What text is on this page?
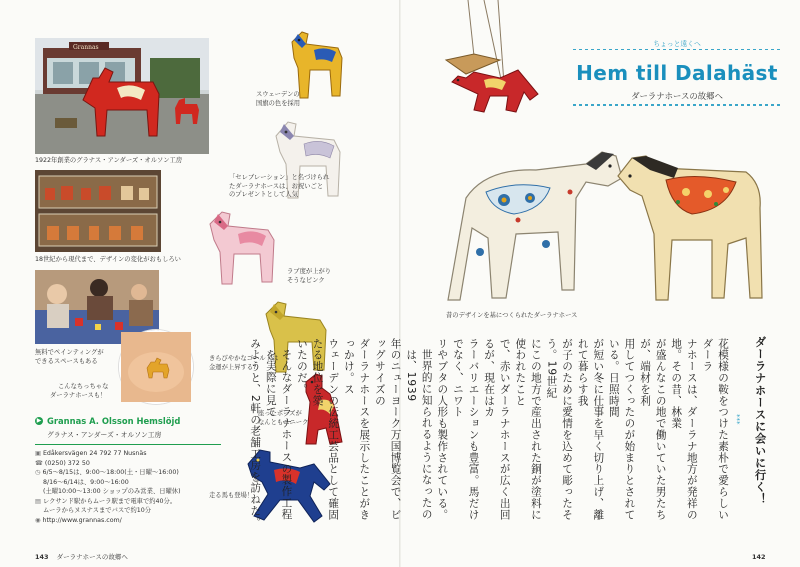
Grannas
1922年創業のグラナス・アンダーズ・オルソン工房
18世紀から現代まで、デザインの変化がおもしろい
無料でペインティングが
できるスペースもある
こんなちっちゃな
ダーラナホースも！
スウェーデンの
国旗の色を採用
「セレブレーション」と名づけられ
たダーラナホースは、お祝いごと
のプレゼントとして人気
ラブ度が上がり
そうなピンク
きらびやかなゴールドは
金運が上昇する?
座ったポーズが
なんともユニーク
走る馬も登場！
▶ Grannas A. Olsson Hemslöjd
グラナス・アンダーズ・オルソン工房
▣ Edåkersvägen 24 792 77 Nusnäs
☎ (0250) 372 50
◷ 6/5〜8/15は、9:00〜18:00(土・日曜〜16:00)
8/16〜6/14は、9:00〜16:00
(土曜10:00〜13:00 ショップのみ営業、日曜休)
▤ レクサンド駅からムーラ駅まで電車で約40分。
ムーラからヌスナスまでバスで約10分
◉ http://www.grannas.com/
143 ダーラナホースの故郷へ
ちょっと遠くへ
Hem till Dalahäst
ダーラナホースの故郷へ
昔のデザインを基につくられたダーラナホース
ダーラナホースに会いに行く！
***
花模様の鞍をつけた素朴で愛らしいダーラ
ナホースは、ダーラナ地方が発祥の地。その昔、林業
が盛んなこの地で働いていた男たちが、端材を利
用してつくったのが始まりとされている。日照時間
が短い冬に仕事を早く切り上げ、離れて暮らす我
が子のために愛情を込めて彫ったそう。19世紀
にこの地方で産出された銅が塗料に使われたこと
で、赤いダーラナホースが広く出回るが、現在はカ
ラーバリエーションも豊富。馬だけでなく、ニワト
リやブタの人形も製作されている。
世界的に知られるようになったのは、1939
年のニューヨーク万国博覧会で、ビッグサイズの
ダーラナホースを展示したことがきっかけ。ス
ウェーデンの伝統工芸品として確固たる地位を築
いたのだ。
そんなダーラナホースの製作工程を実際に見て
みようと、2軒の老舗工房を訪ねた。
142
